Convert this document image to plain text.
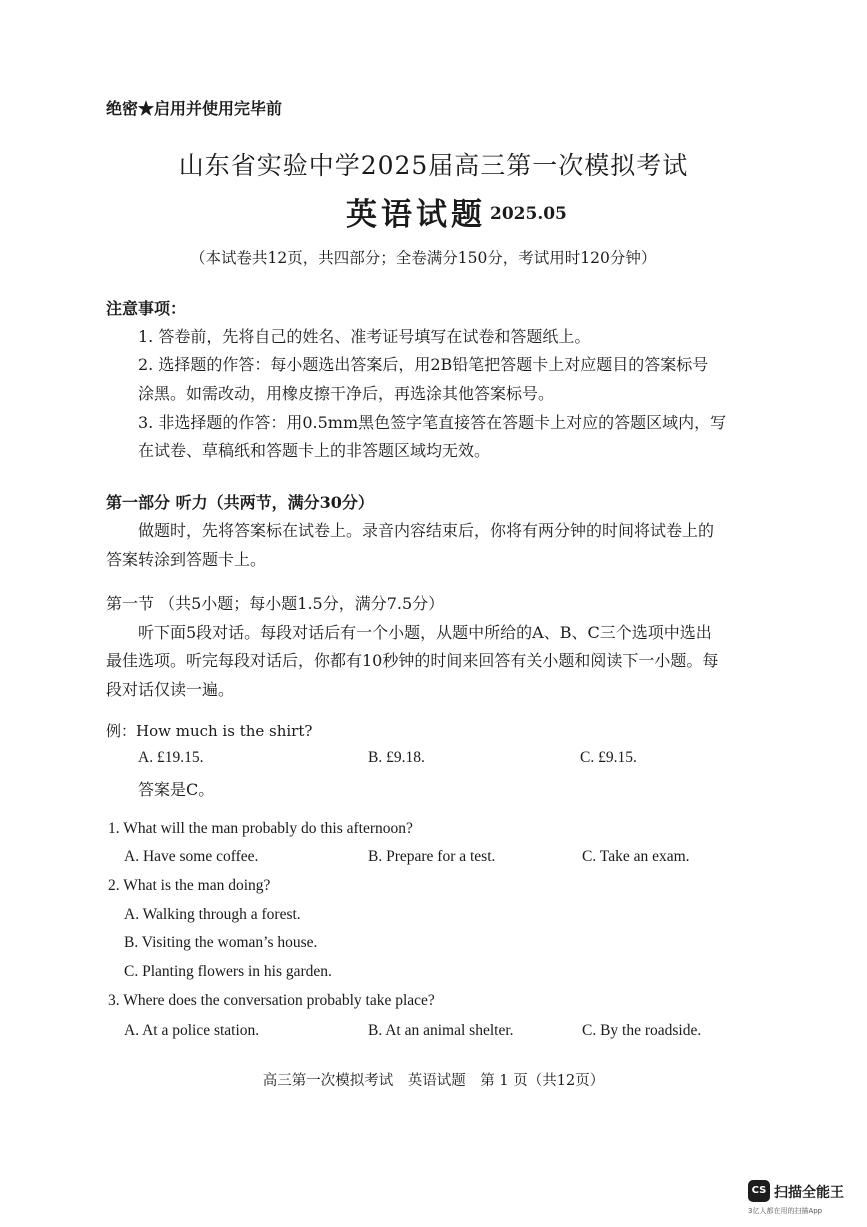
绝密★启用并使用完毕前
山东省实验中学2025届高三第一次模拟考试
英语试题 2025.05
（本试卷共12页，共四部分；全卷满分150分，考试用时120分钟）
注意事项：
1. 答卷前，先将自己的姓名、准考证号填写在试卷和答题纸上。
2. 选择题的作答：每小题选出答案后，用2B铅笔把答题卡上对应题目的答案标号
涂黑。如需改动，用橡皮擦干净后，再选涂其他答案标号。
3. 非选择题的作答：用0.5mm黑色签字笔直接答在答题卡上对应的答题区域内，写
在试卷、草稿纸和答题卡上的非答题区域均无效。
第一部分 听力（共两节，满分30分）
做题时，先将答案标在试卷上。录音内容结束后，你将有两分钟的时间将试卷上的
答案转涂到答题卡上。
第一节 （共5小题；每小题1.5分，满分7.5分）
听下面5段对话。每段对话后有一个小题，从题中所给的A、B、C三个选项中选出
最佳选项。听完每段对话后，你都有10秒钟的时间来回答有关小题和阅读下一小题。每
段对话仅读一遍。
例：How much is the shirt?
A. £19.15.	B. £9.18.	C. £9.15.
答案是C。
1. What will the man probably do this afternoon?
A. Have some coffee.	B. Prepare for a test.	C. Take an exam.
2. What is the man doing?
A. Walking through a forest.
B. Visiting the woman’s house.
C. Planting flowers in his garden.
3. Where does the conversation probably take place?
A. At a police station.	B. At an animal shelter.	C. By the roadside.
高三第一次模拟考试　英语试题　第 1 页（共12页）
CS 扫描全能王
3亿人都在用的扫描App
